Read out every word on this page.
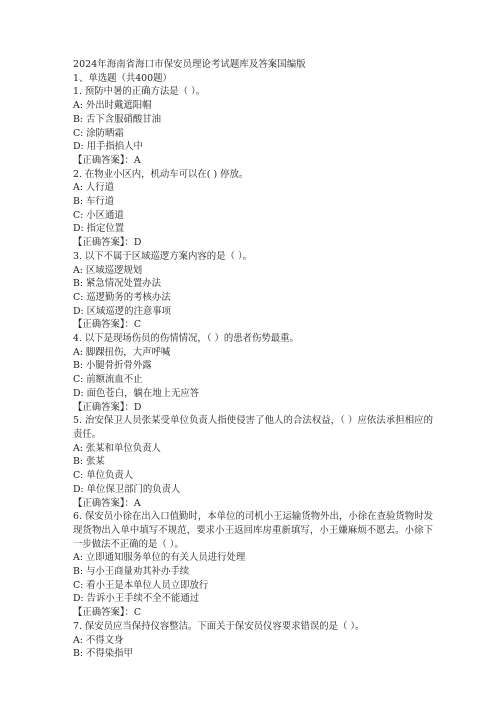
2024年海南省海口市保安员理论考试题库及答案国编版
1、单选题（共400题）
1. 预防中暑的正确方法是（ ）。
A: 外出时戴遮阳帽
B: 舌下含服硝酸甘油
C: 涂防晒霜
D: 用手指掐人中
【正确答案】：A
2. 在物业小区内，机动车可以在( ) 停放。
A: 人行道
B: 车行道
C: 小区通道
D: 指定位置
【正确答案】：D
3. 以下不属于区域巡逻方案内容的是（ ）。
A: 区域巡逻规划
B: 紧急情况处置办法
C: 巡逻勤务的考核办法
D: 区域巡逻的注意事项
【正确答案】：C
4. 以下是现场伤员的伤情情况，（ ）的患者伤势最重。
A: 脚踝扭伤，大声呼喊
B: 小腿骨折骨外露
C: 前额流血不止
D: 面色苍白，躺在地上无应答
【正确答案】：D
5. 治安保卫人员张某受单位负责人指使侵害了他人的合法权益，（ ）应依法承担相应的责任。
A: 张某和单位负责人
B: 张某
C: 单位负责人
D: 单位保卫部门的负责人
【正确答案】：A
6. 保安员小徐在出入口值勤时，本单位的司机小王运输货物外出，小徐在查验货物时发现货物出入单中填写不规范，要求小王返回库房重新填写，小王嫌麻烦不愿去。小徐下一步做法不正确的是（ ）。
A: 立即通知服务单位的有关人员进行处理
B: 与小王商量劝其补办手续
C: 看小王是本单位人员立即放行
D: 告诉小王手续不全不能通过
【正确答案】：C
7. 保安员应当保持仪容整洁。下面关于保安员仪容要求错误的是（ ）。
A: 不得文身
B: 不得染指甲
